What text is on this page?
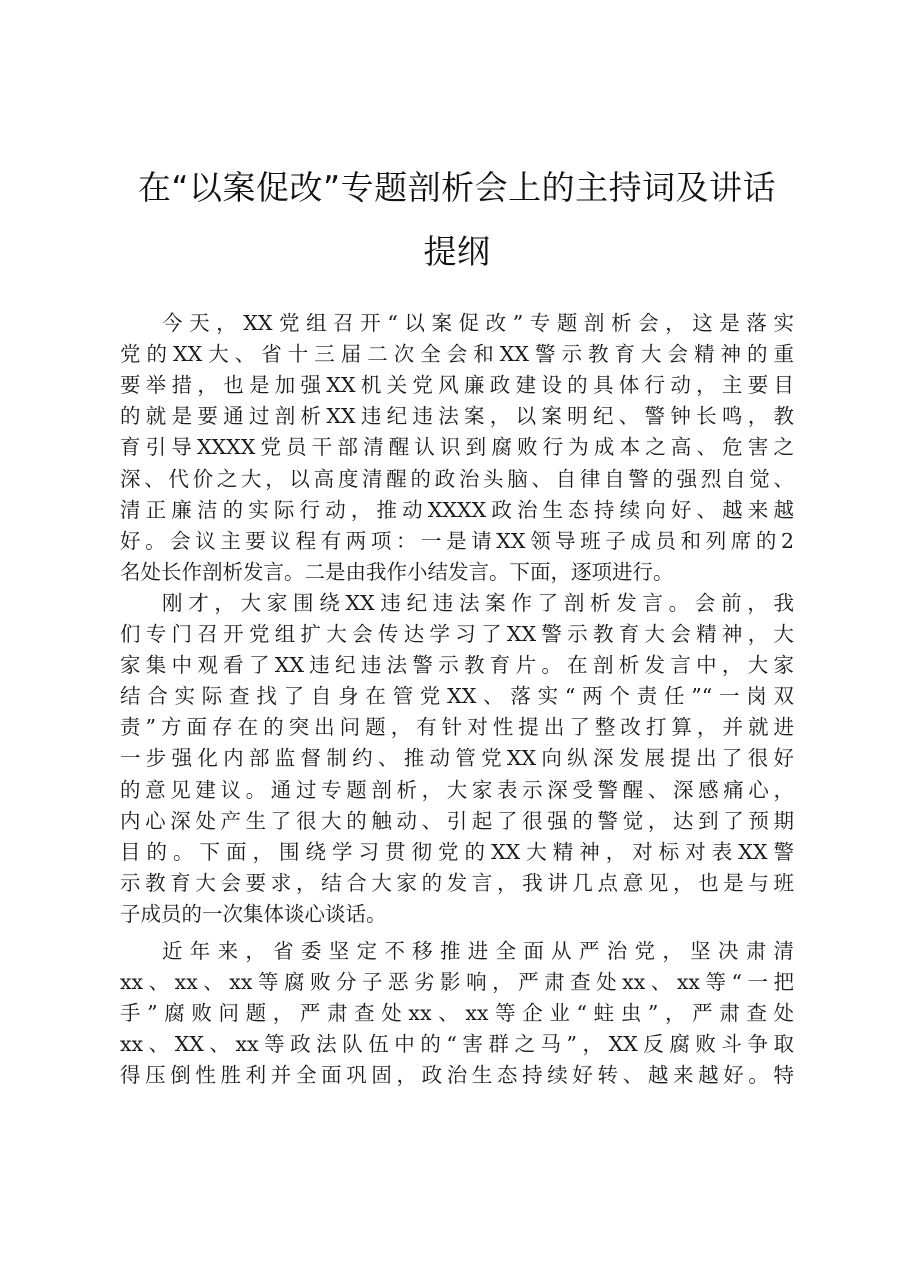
在“以案促改”专题剖析会上的主持词及讲话
提纲
今天，XX党组召开“以案促改”专题剖析会，这是落实
党的XX大、省十三届二次全会和XX警示教育大会精神的重
要举措，也是加强XX机关党风廉政建设的具体行动，主要目
的就是要通过剖析XX违纪违法案，以案明纪、警钟长鸣，教
育引导XXXX党员干部清醒认识到腐败行为成本之高、危害之
深、代价之大，以高度清醒的政治头脑、自律自警的强烈自觉、
清正廉洁的实际行动，推动XXXX政治生态持续向好、越来越
好。会议主要议程有两项：一是请XX领导班子成员和列席的2
名处长作剖析发言。二是由我作小结发言。下面，逐项进行。
刚才，大家围绕XX违纪违法案作了剖析发言。会前，我
们专门召开党组扩大会传达学习了XX警示教育大会精神，大
家集中观看了XX违纪违法警示教育片。在剖析发言中，大家
结合实际查找了自身在管党XX、落实“两个责任”“一岗双
责”方面存在的突出问题，有针对性提出了整改打算，并就进
一步强化内部监督制约、推动管党XX向纵深发展提出了很好
的意见建议。通过专题剖析，大家表示深受警醒、深感痛心，
内心深处产生了很大的触动、引起了很强的警觉，达到了预期
目的。下面，围绕学习贯彻党的XX大精神，对标对表XX警
示教育大会要求，结合大家的发言，我讲几点意见，也是与班
子成员的一次集体谈心谈话。
近年来，省委坚定不移推进全面从严治党，坚决肃清
xx、xx、xx等腐败分子恶劣影响，严肃查处xx、xx等“一把
手”腐败问题，严肃查处xx、xx等企业“蛀虫”，严肃查处
xx、XX、xx等政法队伍中的“害群之马”，XX反腐败斗争取
得压倒性胜利并全面巩固，政治生态持续好转、越来越好。特
